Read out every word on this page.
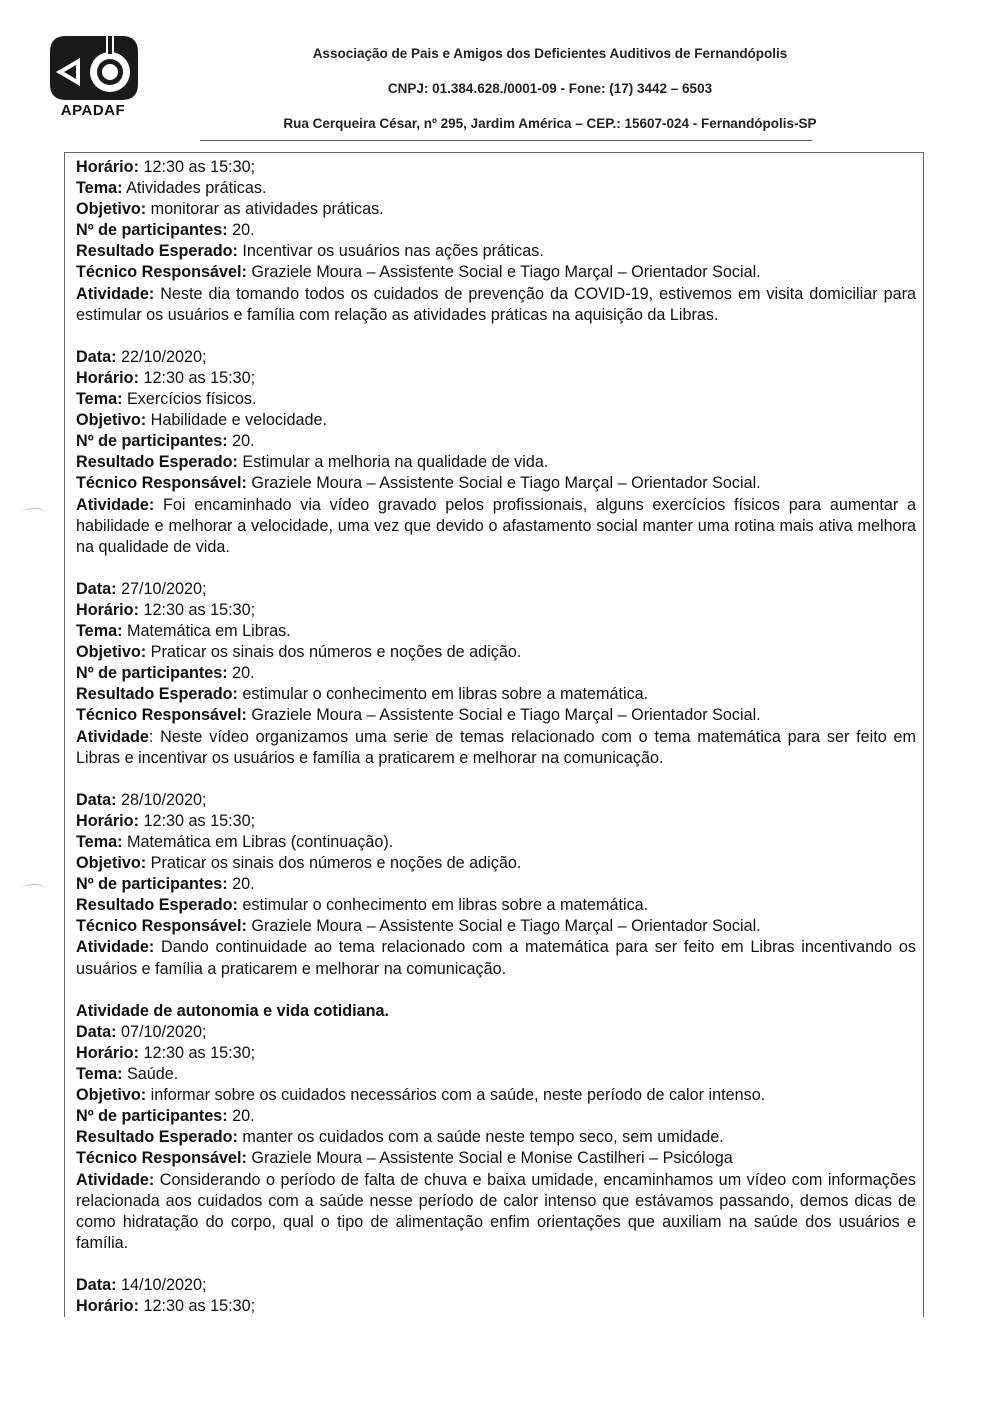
APADAF
Associação de Pais e Amigos dos Deficientes Auditivos de Fernandópolis
CNPJ: 01.384.628./0001-09 - Fone: (17) 3442 – 6503
Rua Cerqueira César, nº 295, Jardim América – CEP.: 15607-024 - Fernandópolis-SP
Horário: 12:30 as 15:30;
Tema: Atividades práticas.
Objetivo: monitorar as atividades práticas.
Nº de participantes: 20.
Resultado Esperado: Incentivar os usuários nas ações práticas.
Técnico Responsável: Graziele Moura – Assistente Social e Tiago Marçal – Orientador Social.
Atividade: Neste dia tomando todos os cuidados de prevenção da COVID-19, estivemos em visita domiciliar para estimular os usuários e família com relação as atividades práticas na aquisição da Libras.
Data: 22/10/2020;
Horário: 12:30 as 15:30;
Tema: Exercícios físicos.
Objetivo: Habilidade e velocidade.
Nº de participantes: 20.
Resultado Esperado: Estimular a melhoria na qualidade de vida.
Técnico Responsável: Graziele Moura – Assistente Social e Tiago Marçal – Orientador Social.
Atividade: Foi encaminhado via vídeo gravado pelos profissionais, alguns exercícios físicos para aumentar a habilidade e melhorar a velocidade, uma vez que devido o afastamento social manter uma rotina mais ativa melhora na qualidade de vida.
Data: 27/10/2020;
Horário: 12:30 as 15:30;
Tema: Matemática em Libras.
Objetivo: Praticar os sinais dos números e noções de adição.
Nº de participantes: 20.
Resultado Esperado: estimular o conhecimento em libras sobre a matemática.
Técnico Responsável: Graziele Moura – Assistente Social e Tiago Marçal – Orientador Social.
Atividade: Neste vídeo organizamos uma serie de temas relacionado com o tema matemática para ser feito em Libras e incentivar os usuários e família a praticarem e melhorar na comunicação.
Data: 28/10/2020;
Horário: 12:30 as 15:30;
Tema: Matemática em Libras (continuação).
Objetivo: Praticar os sinais dos números e noções de adição.
Nº de participantes: 20.
Resultado Esperado: estimular o conhecimento em libras sobre a matemática.
Técnico Responsável: Graziele Moura – Assistente Social e Tiago Marçal – Orientador Social.
Atividade: Dando continuidade ao tema relacionado com a matemática para ser feito em Libras incentivando os usuários e família a praticarem e melhorar na comunicação.
Atividade de autonomia e vida cotidiana.
Data: 07/10/2020;
Horário: 12:30 as 15:30;
Tema: Saúde.
Objetivo: informar sobre os cuidados necessários com a saúde, neste período de calor intenso.
Nº de participantes: 20.
Resultado Esperado: manter os cuidados com a saúde neste tempo seco, sem umidade.
Técnico Responsável: Graziele Moura – Assistente Social e Monise Castilheri – Psicóloga
Atividade: Considerando o período de falta de chuva e baixa umidade, encaminhamos um vídeo com informações relacionada aos cuidados com a saúde nesse período de calor intenso que estávamos passando, demos dicas de como hidratação do corpo, qual o tipo de alimentação enfim orientações que auxiliam na saúde dos usuários e família.
Data: 14/10/2020;
Horário: 12:30 as 15:30;
